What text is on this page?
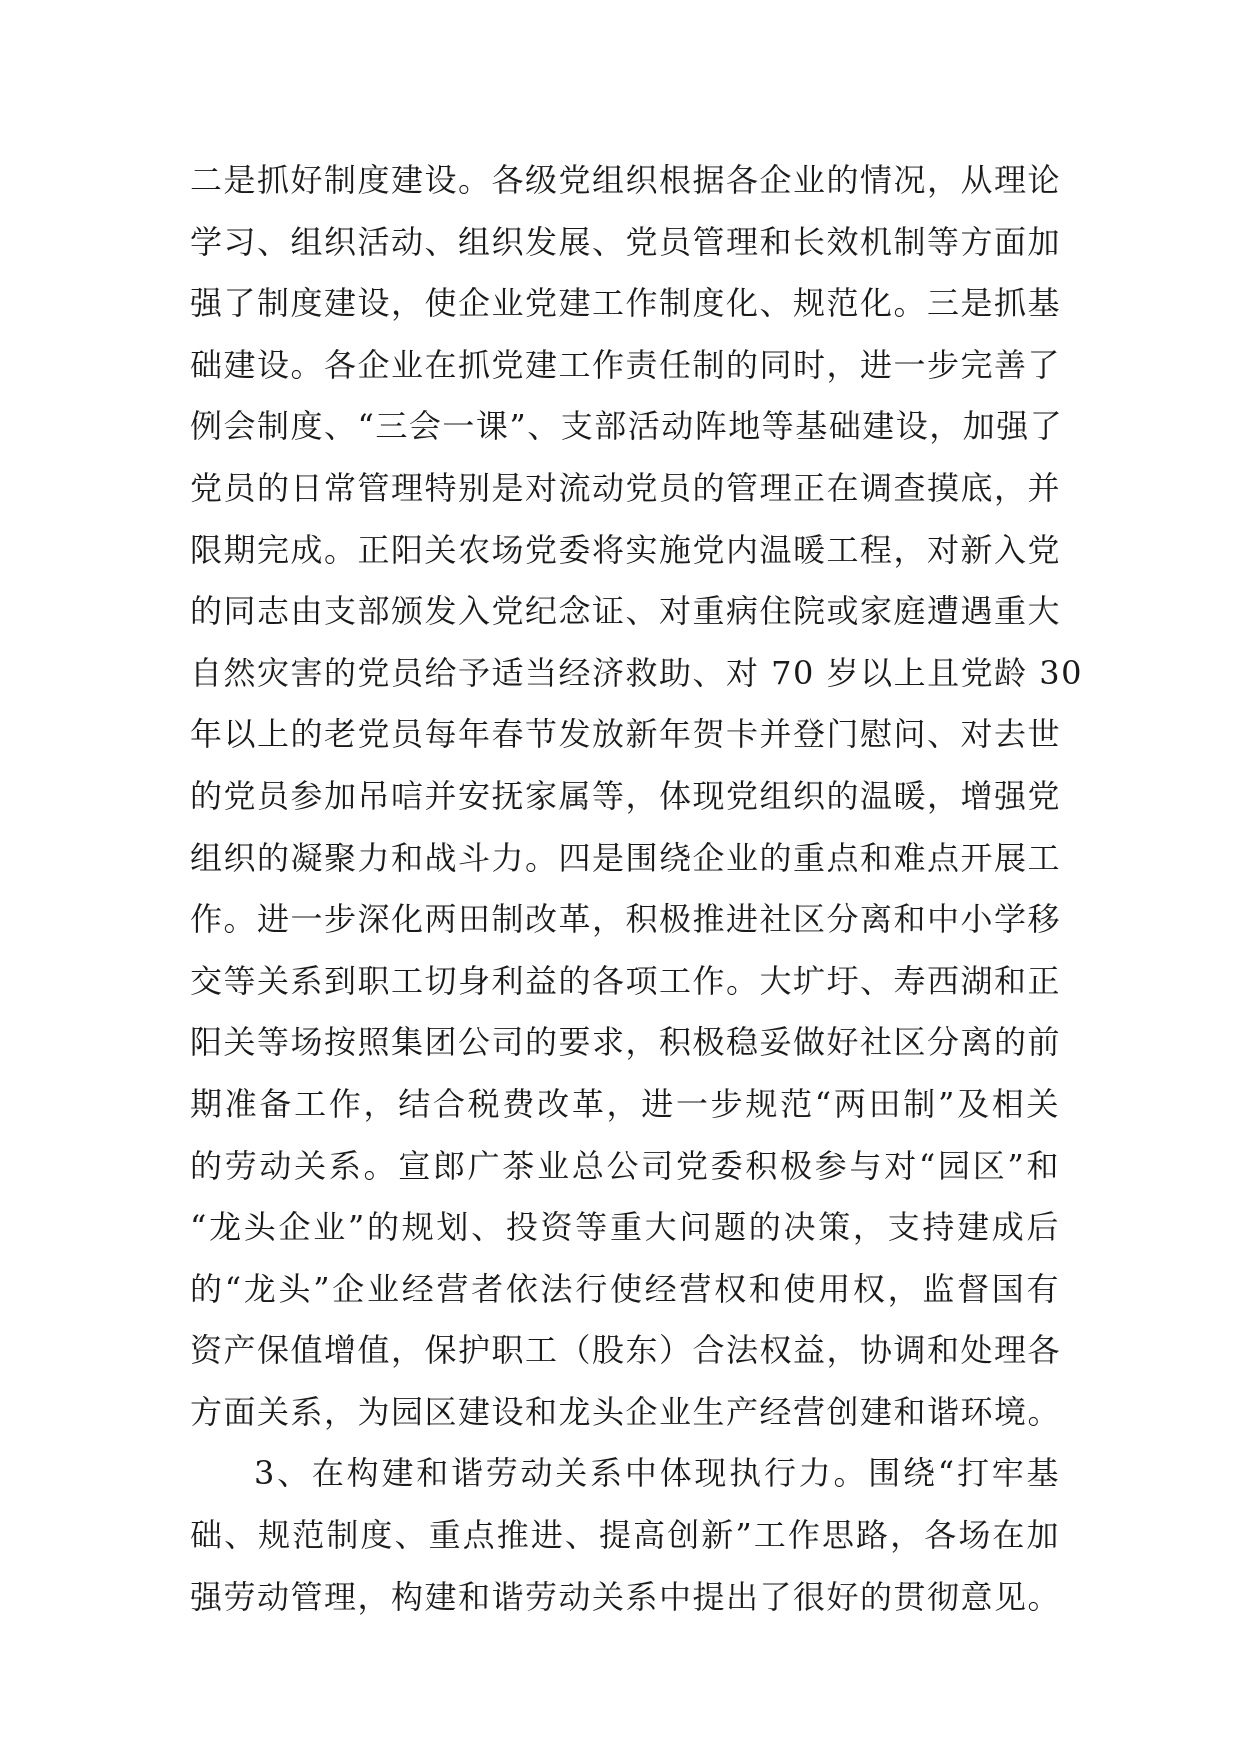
二是抓好制度建设。各级党组织根据各企业的情况，从理论
学习、组织活动、组织发展、党员管理和长效机制等方面加
强了制度建设，使企业党建工作制度化、规范化。三是抓基
础建设。各企业在抓党建工作责任制的同时，进一步完善了
例会制度、“三会一课”、支部活动阵地等基础建设，加强了
党员的日常管理特别是对流动党员的管理正在调查摸底，并
限期完成。正阳关农场党委将实施党内温暖工程，对新入党
的同志由支部颁发入党纪念证、对重病住院或家庭遭遇重大
自然灾害的党员给予适当经济救助、对 70 岁以上且党龄 30
年以上的老党员每年春节发放新年贺卡并登门慰问、对去世
的党员参加吊唁并安抚家属等，体现党组织的温暖，增强党
组织的凝聚力和战斗力。四是围绕企业的重点和难点开展工
作。进一步深化两田制改革，积极推进社区分离和中小学移
交等关系到职工切身利益的各项工作。大圹圩、寿西湖和正
阳关等场按照集团公司的要求，积极稳妥做好社区分离的前
期准备工作，结合税费改革，进一步规范“两田制”及相关
的劳动关系。宣郎广茶业总公司党委积极参与对“园区”和
“龙头企业”的规划、投资等重大问题的决策，支持建成后
的“龙头”企业经营者依法行使经营权和使用权，监督国有
资产保值增值，保护职工（股东）合法权益，协调和处理各
方面关系，为园区建设和龙头企业生产经营创建和谐环境。
3、在构建和谐劳动关系中体现执行力。围绕“打牢基
础、规范制度、重点推进、提高创新”工作思路，各场在加
强劳动管理，构建和谐劳动关系中提出了很好的贯彻意见。
